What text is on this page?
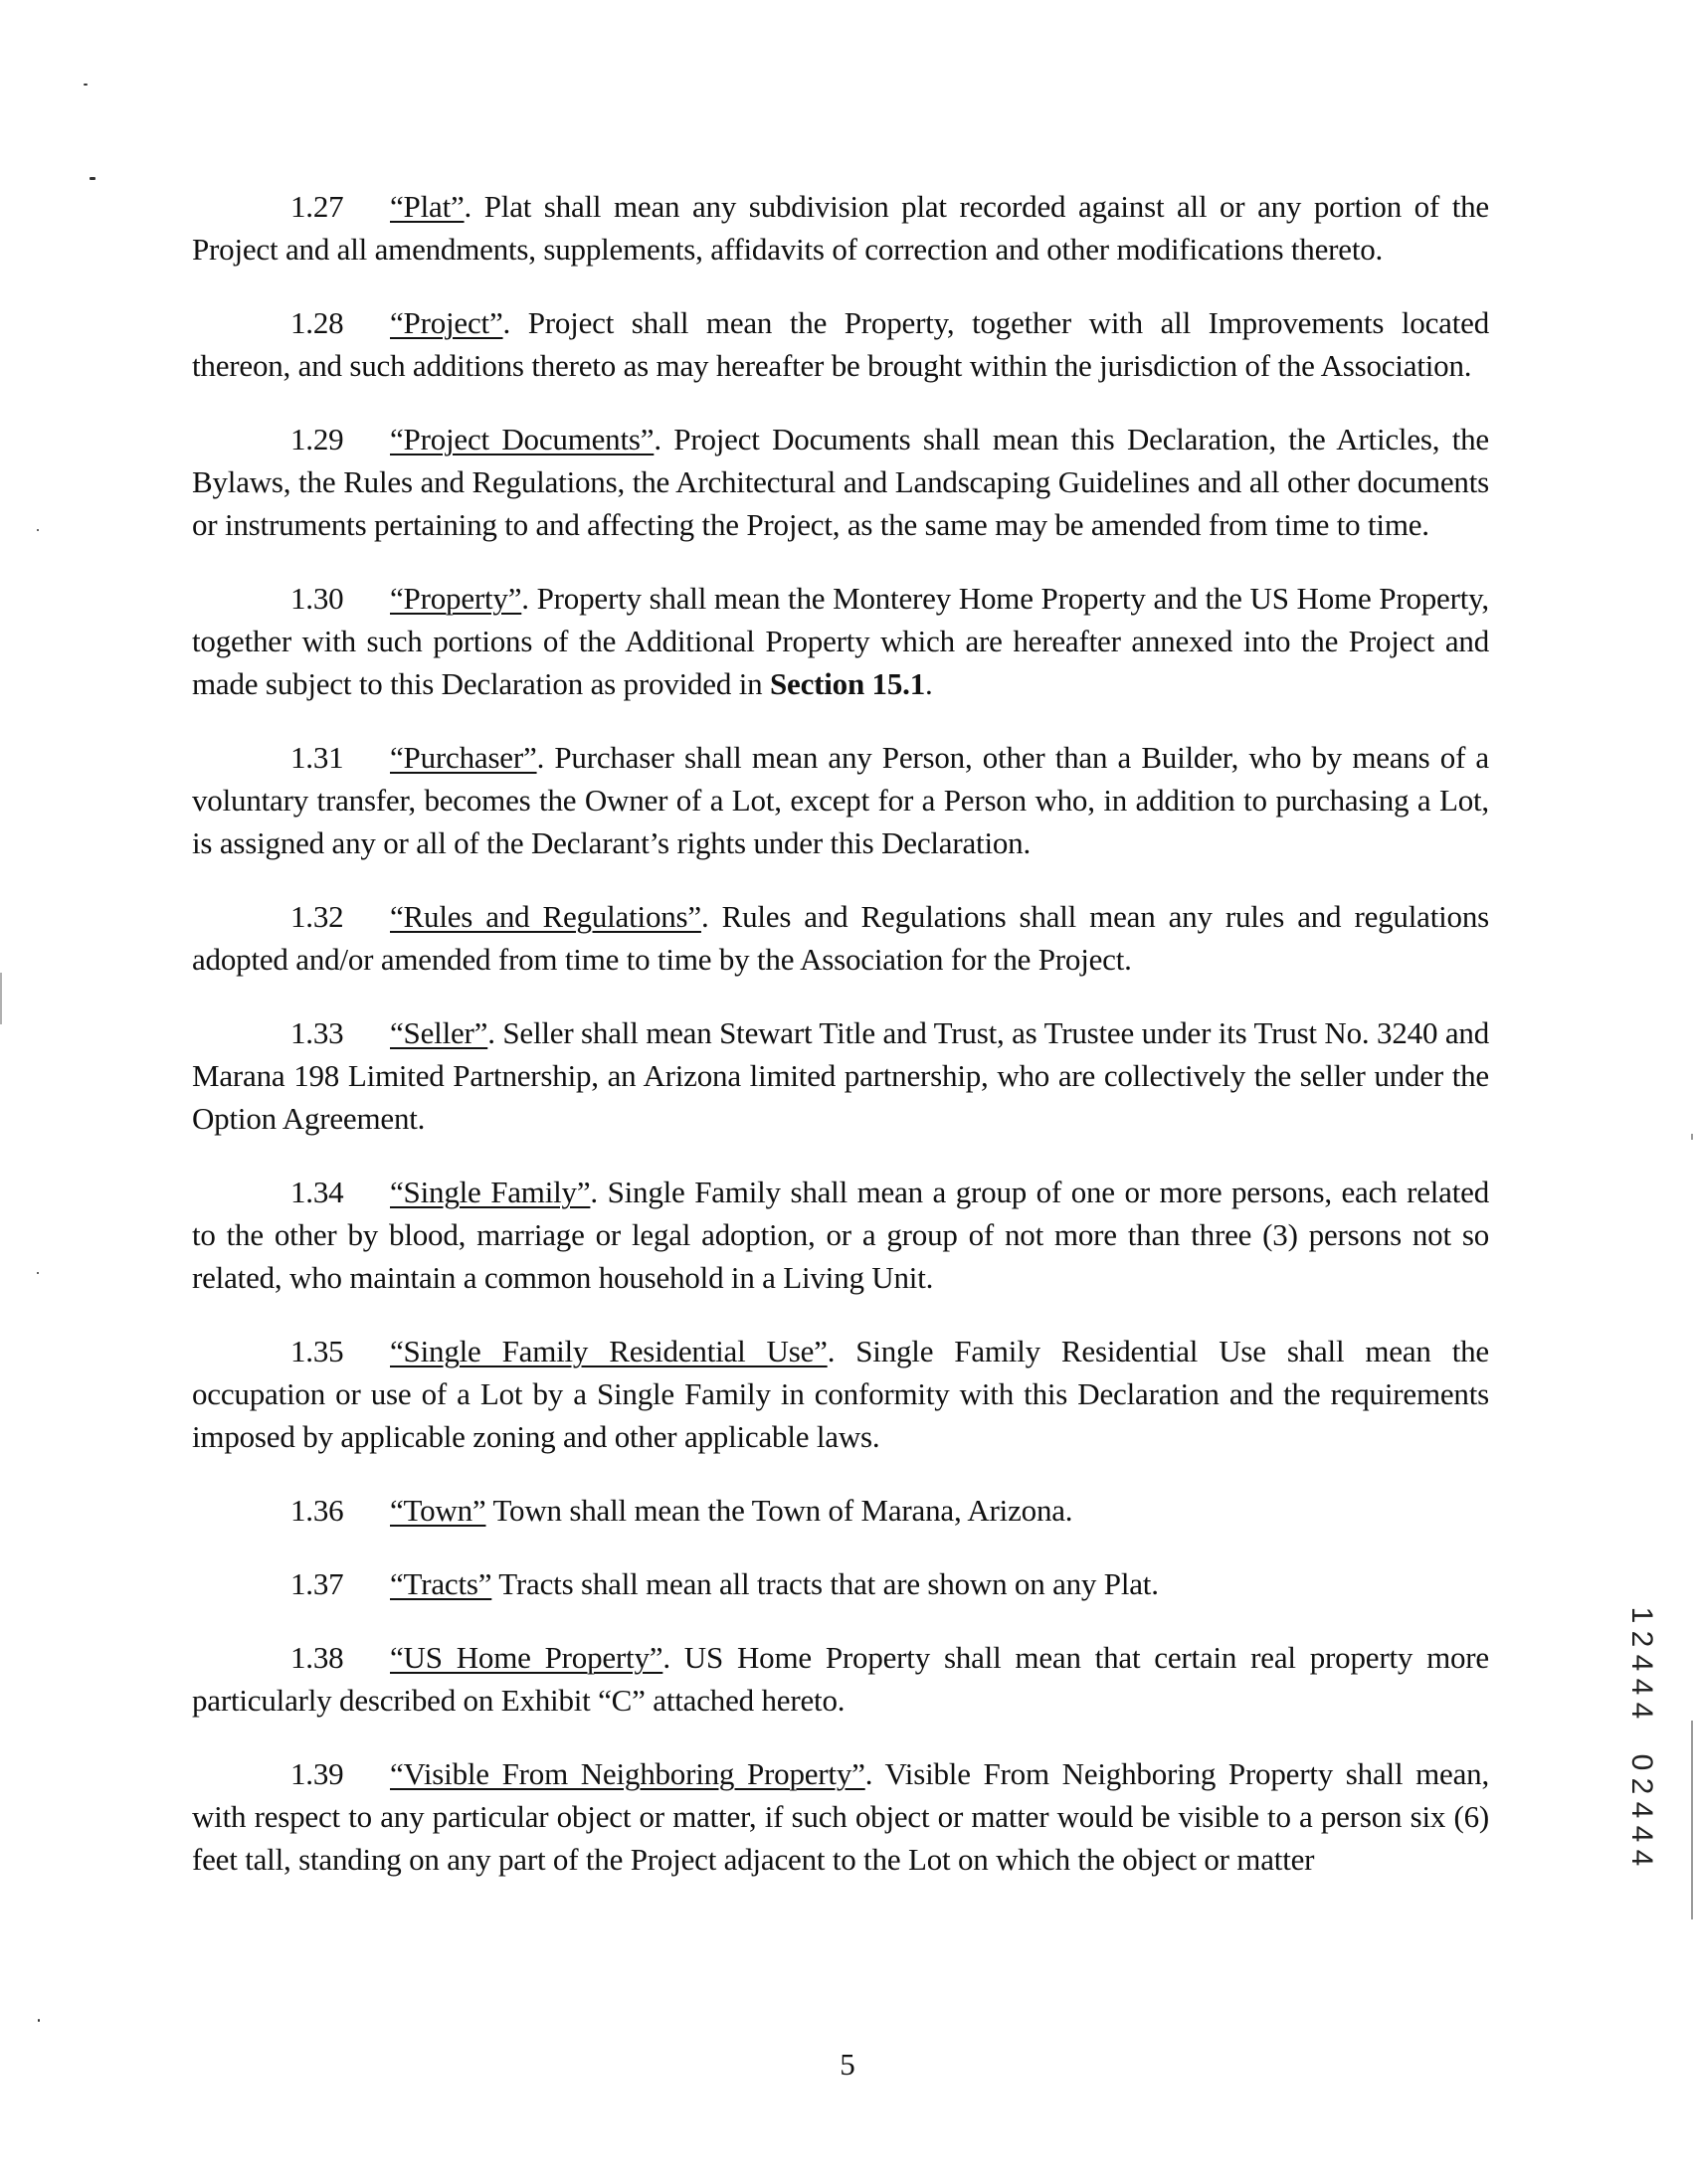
1.27 “Plat”. Plat shall mean any subdivision plat recorded against all or any portion of the Project and all amendments, supplements, affidavits of correction and other modifications thereto.

1.28 “Project”. Project shall mean the Property, together with all Improvements located thereon, and such additions thereto as may hereafter be brought within the jurisdiction of the Association.

1.29 “Project Documents”. Project Documents shall mean this Declaration, the Articles, the Bylaws, the Rules and Regulations, the Architectural and Landscaping Guidelines and all other documents or instruments pertaining to and affecting the Project, as the same may be amended from time to time.

1.30 “Property”. Property shall mean the Monterey Home Property and the US Home Property, together with such portions of the Additional Property which are hereafter annexed into the Project and made subject to this Declaration as provided in Section 15.1.

1.31 “Purchaser”. Purchaser shall mean any Person, other than a Builder, who by means of a voluntary transfer, becomes the Owner of a Lot, except for a Person who, in addition to purchasing a Lot, is assigned any or all of the Declarant’s rights under this Declaration.

1.32 “Rules and Regulations”. Rules and Regulations shall mean any rules and regulations adopted and/or amended from time to time by the Association for the Project.

1.33 “Seller”. Seller shall mean Stewart Title and Trust, as Trustee under its Trust No. 3240 and Marana 198 Limited Partnership, an Arizona limited partnership, who are collectively the seller under the Option Agreement.

1.34 “Single Family”. Single Family shall mean a group of one or more persons, each related to the other by blood, marriage or legal adoption, or a group of not more than three (3) persons not so related, who maintain a common household in a Living Unit.

1.35 “Single Family Residential Use”. Single Family Residential Use shall mean the occupation or use of a Lot by a Single Family in conformity with this Declaration and the requirements imposed by applicable zoning and other applicable laws.

1.36 “Town” Town shall mean the Town of Marana, Arizona.

1.37 “Tracts” Tracts shall mean all tracts that are shown on any Plat.

1.38 “US Home Property”. US Home Property shall mean that certain real property more particularly described on Exhibit “C” attached hereto.

1.39 “Visible From Neighboring Property”. Visible From Neighboring Property shall mean, with respect to any particular object or matter, if such object or matter would be visible to a person six (6) feet tall, standing on any part of the Project adjacent to the Lot on which the object or matter

1
2
4
4
4
0
2
4
4
4
5
